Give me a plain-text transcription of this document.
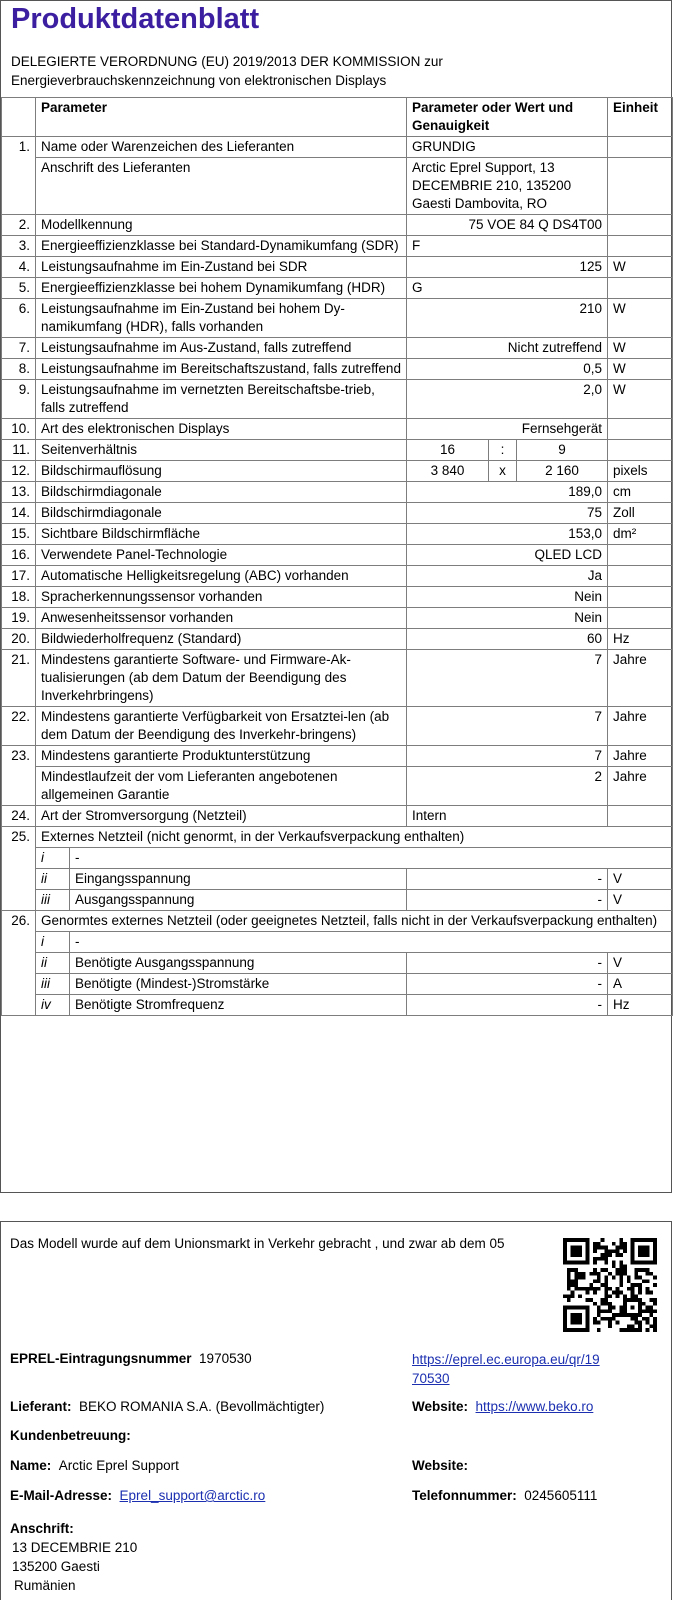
Produktdatenblatt
DELEGIERTE VERORDNUNG (EU) 2019/2013 DER KOMMISSION zur
Energieverbrauchskennzeichnung von elektronischen Displays
	Parameter		Parameter oder Wert und Genauigkeit			Einheit
1.	Name oder Warenzeichen des Lieferanten		GRUNDIG			
	Anschrift des Lieferanten		Arctic Eprel Support, 13 DECEMBRIE 210, 135200 Gaesti Dambovita, RO			
2.	Modellkennung		75 VOE 84 Q DS4T00			
3.	Energieeffizienzklasse bei Standard-Dynamikumfang (SDR)		F			
4.	Leistungsaufnahme im Ein-Zustand bei SDR		125			W
5.	Energieeffizienzklasse bei hohem Dynamikumfang (HDR)		G			
6.	Leistungsaufnahme im Ein-Zustand bei hohem Dy-namikumfang (HDR), falls vorhanden		210			W
7.	Leistungsaufnahme im Aus-Zustand, falls zutreffend		Nicht zutreffend			W
8.	Leistungsaufnahme im Bereitschaftszustand, falls zutreffend		0,5			W
9.	Leistungsaufnahme im vernetzten Bereitschaftsbe-trieb, falls zutreffend		2,0			W
10.	Art des elektronischen Displays		Fernsehgerät			
11.	Seitenverhältnis		16	:	9	
12.	Bildschirmauflösung		3 840	x	2 160	pixels
13.	Bildschirmdiagonale		189,0			cm
14.	Bildschirmdiagonale		75			Zoll
15.	Sichtbare Bildschirmfläche		153,0			dm²
16.	Verwendete Panel-Technologie		QLED LCD			
17.	Automatische Helligkeitsregelung (ABC) vorhanden		Ja			
18.	Spracherkennungssensor vorhanden		Nein			
19.	Anwesenheitssensor vorhanden		Nein			
20.	Bildwiederholfrequenz (Standard)		60			Hz
21.	Mindestens garantierte Software- und Firmware-Ak-tualisierungen (ab dem Datum der Beendigung des Inverkehrbringens)		7			Jahre
22.	Mindestens garantierte Verfügbarkeit von Ersatztei-len (ab dem Datum der Beendigung des Inverkehr-bringens)		7			Jahre
23.	Mindestens garantierte Produktunterstützung		7			Jahre
	Mindestlaufzeit der vom Lieferanten angebotenen allgemeinen Garantie		2			Jahre
24.	Art der Stromversorgung (Netzteil)		Intern			
25.	Externes Netzteil (nicht genormt, in der Verkaufsverpackung enthalten)					
	i	-				
	ii	Eingangsspannung	-			V
	iii	Ausgangsspannung	-			V
26.	Genormtes externes Netzteil (oder geeignetes Netzteil, falls nicht in der Verkaufsverpackung enthalten)					
	i	-				
	ii	Benötigte Ausgangsspannung	-			V
	iii	Benötigte (Mindest-)Stromstärke	-			A
	iv	Benötigte Stromfrequenz	-			Hz
Das Modell wurde auf dem Unionsmarkt in Verkehr gebracht , und zwar ab dem 05
EPREL-Eintragungsnummer 1970530	https://eprel.ec.europa.eu/qr/19
70530
Lieferant: BEKO ROMANIA S.A. (Bevollmächtigter)	Website: https://www.beko.ro
Kundenbetreuung:
Name: Arctic Eprel Support	Website:
E-Mail-Adresse: Eprel_support@arctic.ro	Telefonnummer: 0245605111
Anschrift:
13 DECEMBRIE 210
135200 Gaesti
Rumänien
